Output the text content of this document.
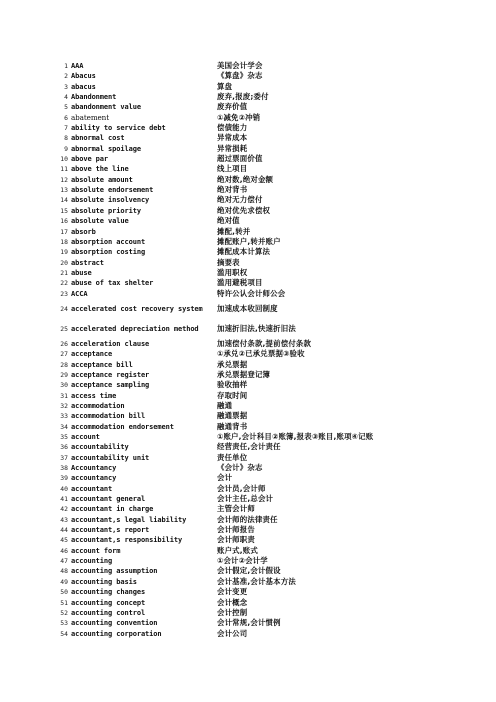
1 AAA	美国会计学会
2 Abacus	《算盘》杂志
3 abacus	算盘
4 Abandonment	废弃,报废;委付
5 abandonment value	废弃价值
6 abatement	①减免②冲销
7 ability to service debt	偿债能力
8 abnormal cost	异常成本
9 abnormal spoilage	异常损耗
10 above par	超过票面价值
11 above the line	线上项目
12 absolute amount	绝对数,绝对金额
13 absolute endorsement	绝对背书
14 absolute insolvency	绝对无力偿付
15 absolute priority	绝对优先求偿权
16 absolute value	绝对值
17 absorb	摊配,转并
18 absorption account	摊配账户,转并账户
19 absorption costing	摊配成本计算法
20 abstract	摘要表
21 abuse	滥用职权
22 abuse of tax shelter	滥用避税项目
23 ACCA	特许公认会计师公会
24 accelerated cost recovery system 加速成本收回制度
25 accelerated depreciation method 加速折旧法,快速折旧法
26 acceleration clause	加速偿付条款,提前偿付条款
27 acceptance	①承兑②已承兑票据③验收
28 acceptance bill	承兑票据
29 acceptance register	承兑票据登记簿
30 acceptance sampling	验收抽样
31 access time	存取时间
32 accommodation	融通
33 accommodation bill	融通票据
34 accommodation endorsement	融通背书
35 account	①账户,会计科目②账簿,报表③账目,账项④记账
36 accountability	经营责任,会计责任
37 accountability unit	责任单位
38 Accountancy	《会计》杂志
39 accountancy	会计
40 accountant	会计员,会计师
41 accountant general	会计主任,总会计
42 accountant in charge	主管会计师
43 accountant,s legal liability	会计师的法律责任
44 accountant,s report	会计师报告
45 accountant,s responsibility	会计师职责
46 account form	账户式,账式
47 accounting	①会计②会计学
48 accounting assumption	会计假定,会计假设
49 accounting basis	会计基准,会计基本方法
50 accounting changes	会计变更
51 accounting concept	会计概念
52 accounting control	会计控制
53 accounting convention	会计常规,会计惯例
54 accounting corporation	会计公司
